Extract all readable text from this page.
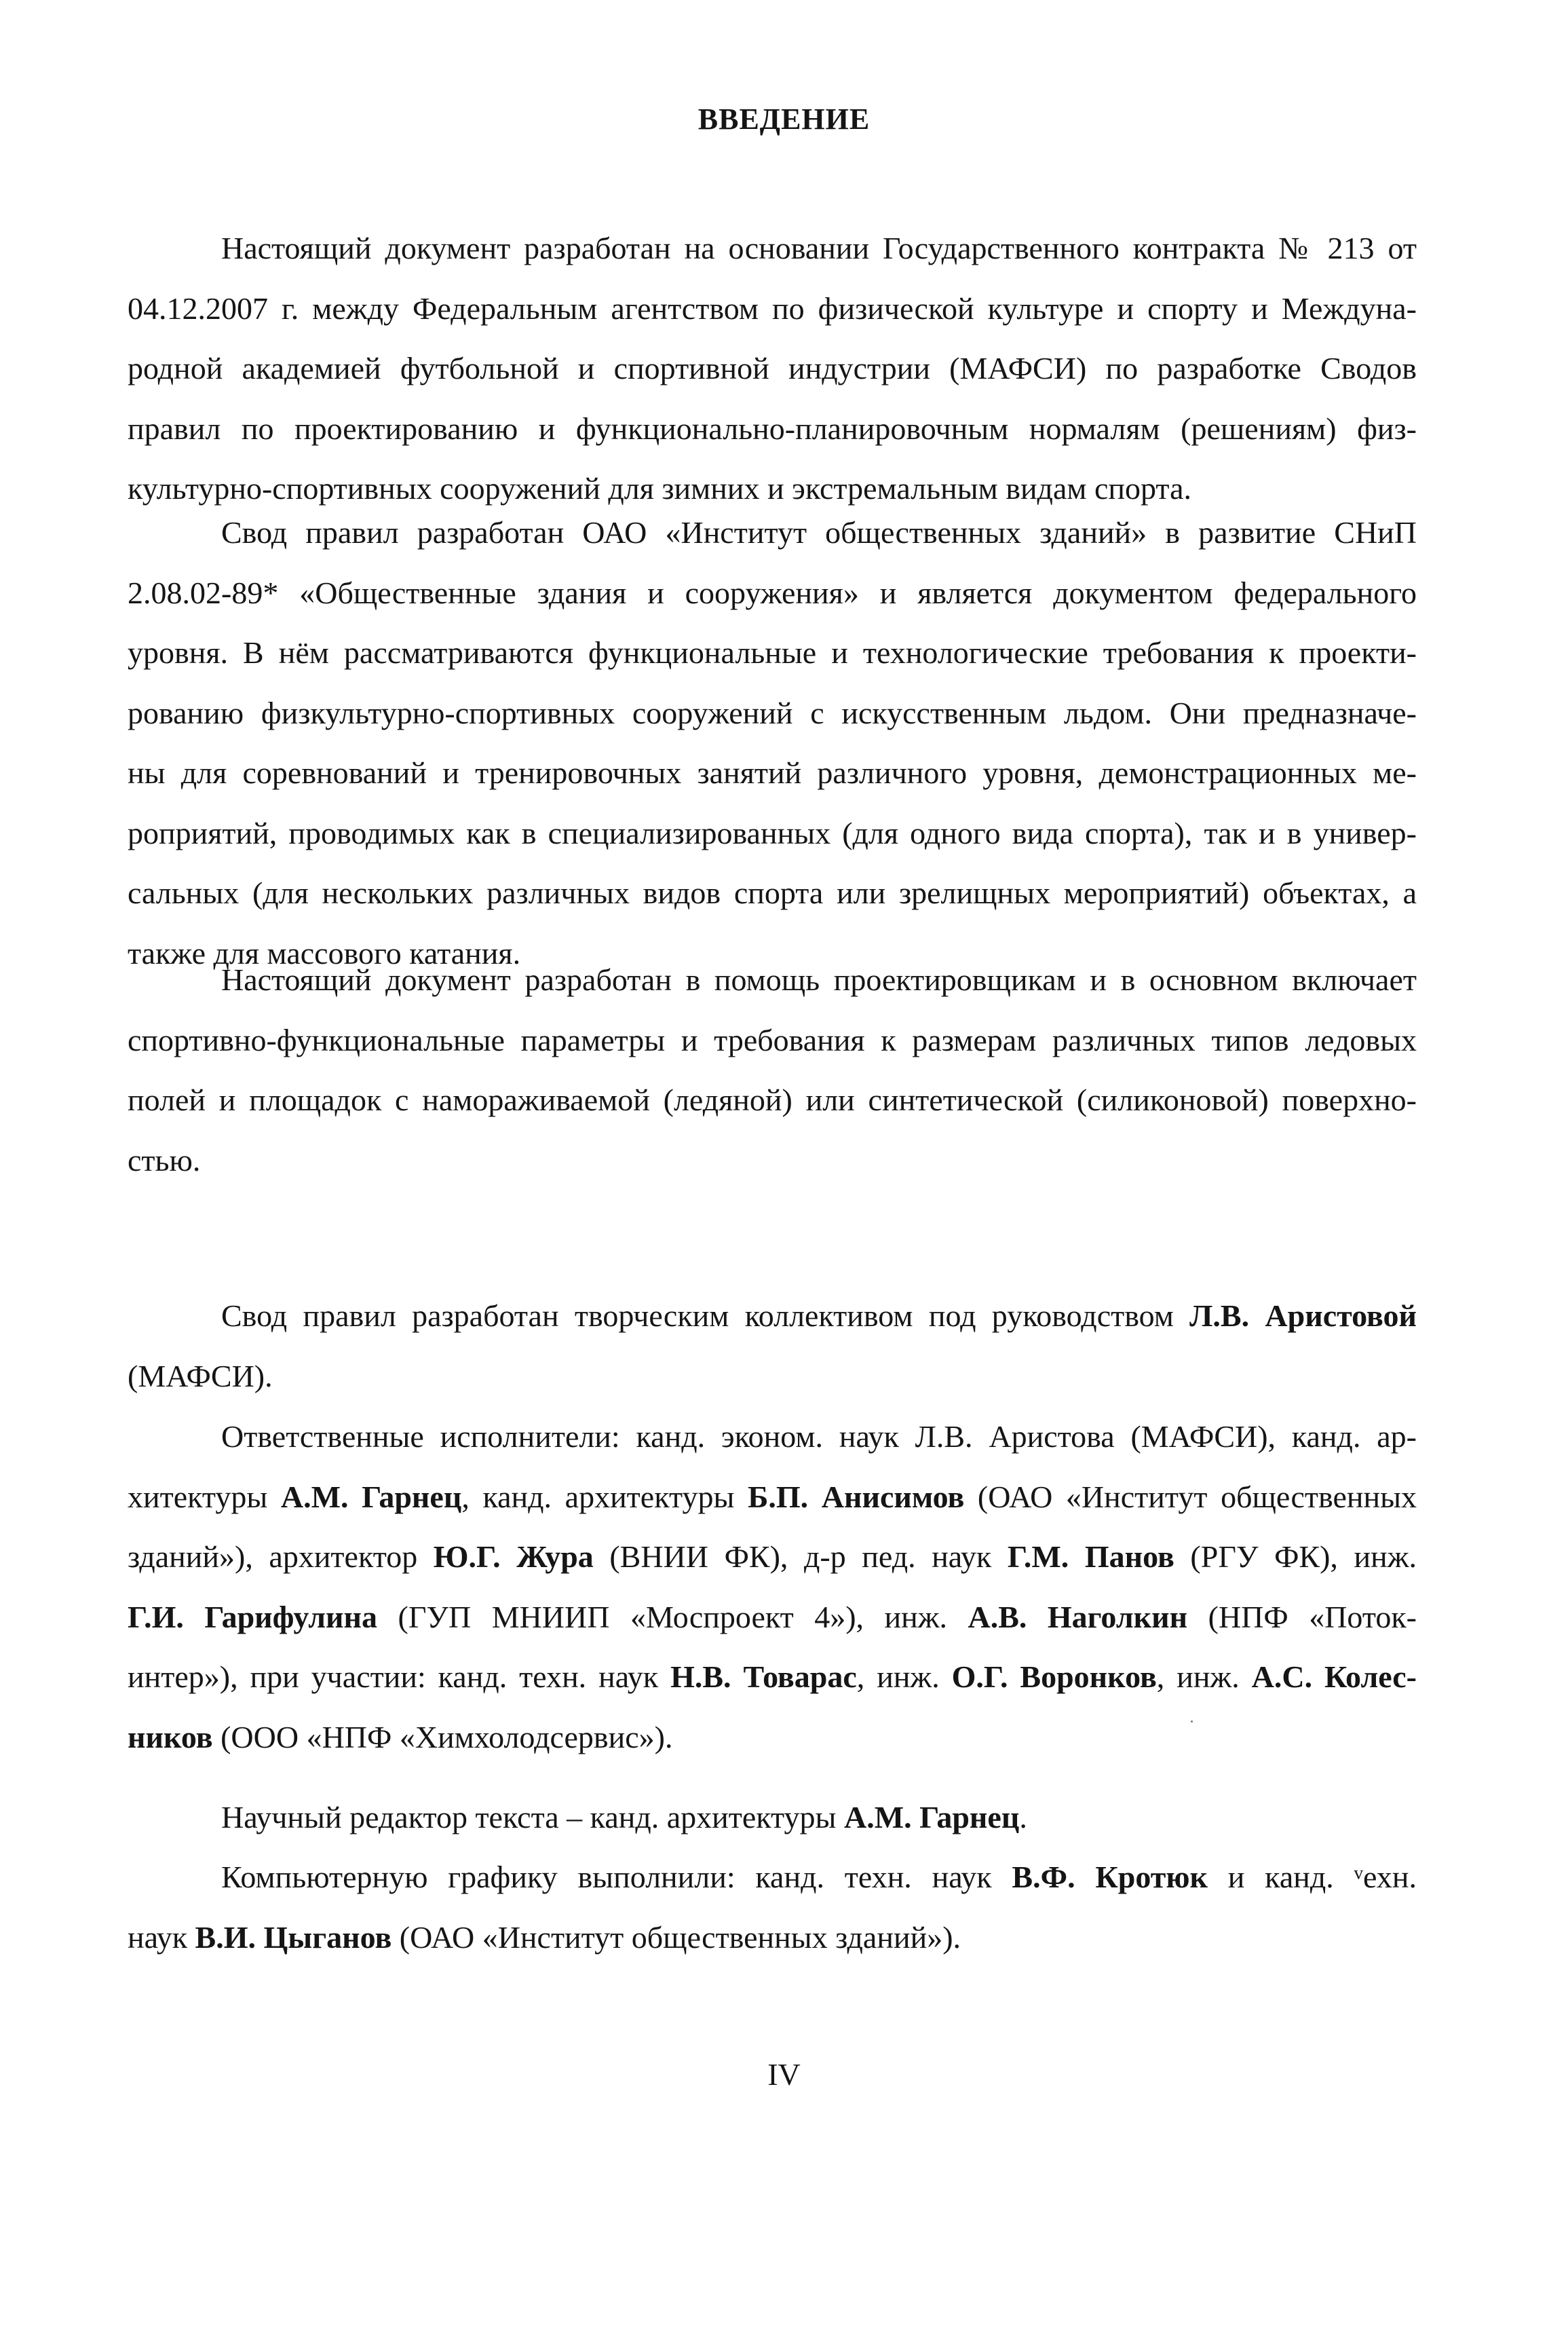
ВВЕДЕНИЕ
Настоящий документ разработан на основании Государственного контракта № 213 от
04.12.2007 г. между Федеральным агентством по физической культуре и спорту и Междуна-
родной академией футбольной и спортивной индустрии (МАФСИ) по разработке Сводов
правил по проектированию и функционально-планировочным нормалям (решениям) физ-
культурно-спортивных сооружений для зимних и экстремальным видам спорта.
Свод правил разработан ОАО «Институт общественных зданий» в развитие СНиП
2.08.02-89* «Общественные здания и сооружения» и является документом федерального
уровня. В нём рассматриваются функциональные и технологические требования к проекти-
рованию физкультурно-спортивных сооружений с искусственным льдом. Они предназначе-
ны для соревнований и тренировочных занятий различного уровня, демонстрационных ме-
роприятий, проводимых как в специализированных (для одного вида спорта), так и в универ-
сальных (для нескольких различных видов спорта или зрелищных мероприятий) объектах, а
также для массового катания.
Настоящий документ разработан в помощь проектировщикам и в основном включает
спортивно-функциональные параметры и требования к размерам различных типов ледовых
полей и площадок с намораживаемой (ледяной) или синтетической (силиконовой) поверхно-
стью.
Свод правил разработан творческим коллективом под руководством Л.В. Аристовой
(МАФСИ).
Ответственные исполнители: канд. эконом. наук Л.В. Аристова (МАФСИ), канд. ар-
хитектуры А.М. Гарнец, канд. архитектуры Б.П. Анисимов (ОАО «Институт общественных
зданий»), архитектор Ю.Г. Жура (ВНИИ ФК), д-р пед. наук Г.М. Панов (РГУ ФК), инж.
Г.И. Гарифулина (ГУП МНИИП «Моспроект 4»), инж. А.В. Наголкин (НПФ «Поток-
интер»), при участии: канд. техн. наук Н.В. Товарас, инж. О.Г. Воронков, инж. А.С. Колес-
ников (ООО «НПФ «Химхолодсервис»).
Научный редактор текста – канд. архитектуры А.М. Гарнец.
Компьютерную графику выполнили: канд. техн. наук В.Ф. Кротюк и канд. ᵛехн.
наук В.И. Цыганов (ОАО «Институт общественных зданий»).
IV
